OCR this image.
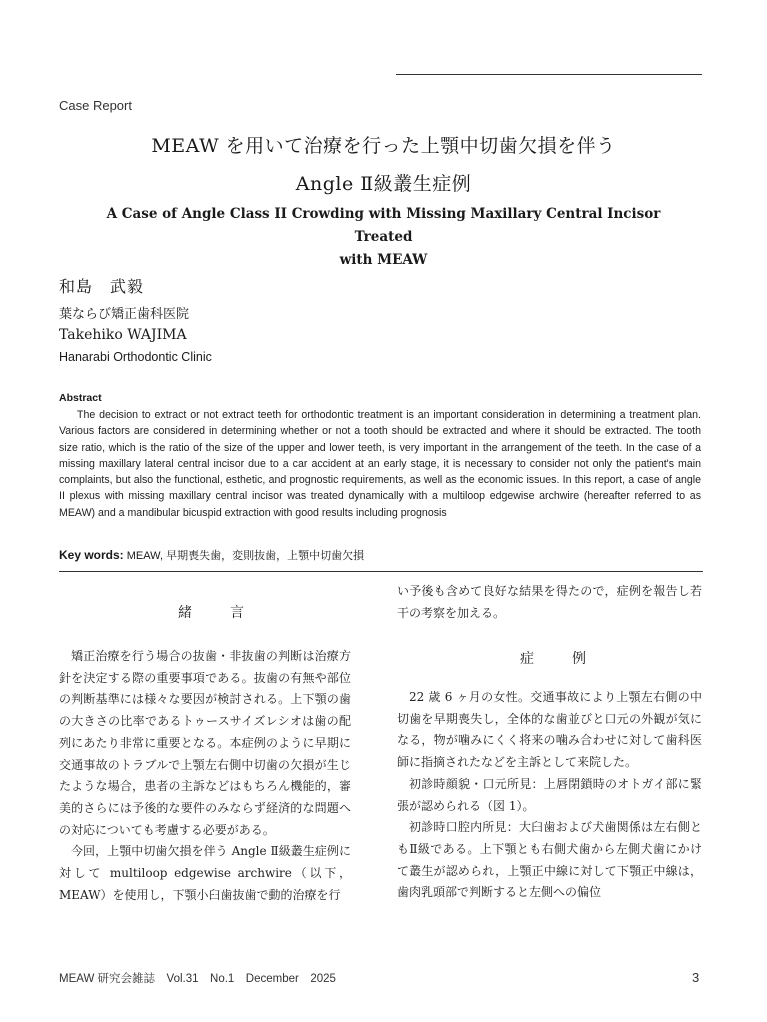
Case Report
MEAW を用いて治療を行った上顎中切歯欠損を伴う
Angle Ⅱ級叢生症例
A Case of Angle Class II Crowding with Missing Maxillary Central Incisor Treated
with MEAW
和島　武毅
葉ならび矯正歯科医院
Takehiko WAJIMA
Hanarabi Orthodontic Clinic
Abstract
The decision to extract or not extract teeth for orthodontic treatment is an important consideration in determining a treatment plan. Various factors are considered in determining whether or not a tooth should be extracted and where it should be extracted. The tooth size ratio, which is the ratio of the size of the upper and lower teeth, is very important in the arrangement of the teeth. In the case of a missing maxillary lateral central incisor due to a car accident at an early stage, it is necessary to consider not only the patient's main complaints, but also the functional, esthetic, and prognostic requirements, as well as the economic issues. In this report, a case of angle II plexus with missing maxillary central incisor was treated dynamically with a multiloop edgewise archwire (hereafter referred to as MEAW) and a mandibular bicuspid extraction with good results including prognosis
Key words: MEAW, 早期喪失歯，変則抜歯，上顎中切歯欠損
緒　言

矯正治療を行う場合の抜歯・非抜歯の判断は治療方針を決定する際の重要事項である。抜歯の有無や部位の判断基準には様々な要因が検討される。上下顎の歯の大きさの比率であるトゥースサイズレシオは歯の配列にあたり非常に重要となる。本症例のように早期に交通事故のトラブルで上顎左右側中切歯の欠損が生じたような場合，患者の主訴などはもちろん機能的，審美的さらには予後的な要件のみならず経済的な問題への対応についても考慮する必要がある。

今回，上顎中切歯欠損を伴う Angle Ⅱ級叢生症例に対して multiloop edgewise archwire（以下，MEAW）を使用し，下顎小臼歯抜歯で動的治療を行

い予後も含めて良好な結果を得たので，症例を報告し若干の考察を加える。

症　例

22 歳 6 ヶ月の女性。交通事故により上顎左右側の中切歯を早期喪失し，全体的な歯並びと口元の外観が気になる，物が噛みにくく将来の噛み合わせに対して歯科医師に指摘されたなどを主訴として来院した。

初診時顔貌・口元所見：上唇閉鎖時のオトガイ部に緊張が認められる（図 1）。

初診時口腔内所見：大臼歯および犬歯関係は左右側ともⅡ級である。上下顎とも右側犬歯から左側犬歯にかけて叢生が認められ，上顎正中線に対して下顎正中線は，歯肉乳頭部で判断すると左側への偏位

MEAW 研究会雑誌　Vol.31　No.1　December　2025	3
